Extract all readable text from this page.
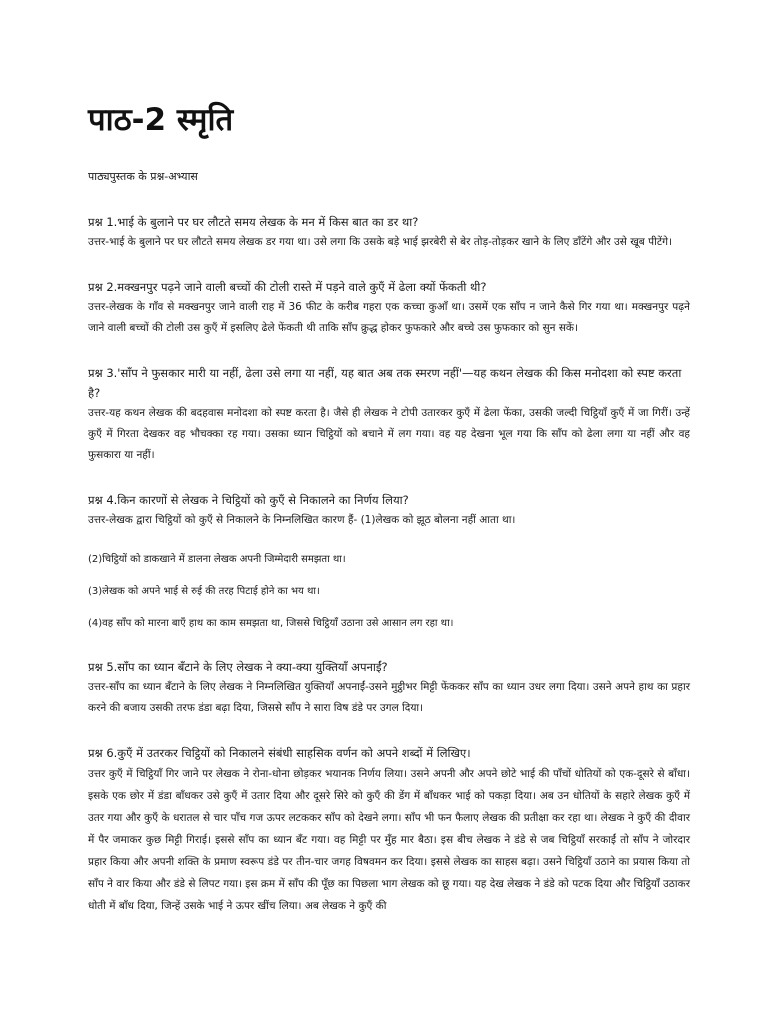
पाठ-2 स्मृति

पाठ्यपुस्तक के प्रश्न-अभ्यास

प्रश्न 1.भाई के बुलाने पर घर लौटते समय लेखक के मन में किस बात का डर था?

उत्तर-भाई के बुलाने पर घर लौटते समय लेखक डर गया था। उसे लगा कि उसके बड़े भाई झरबेरी से बेर तोड़-तोड़कर खाने के लिए डाँटेंगे और उसे खूब पीटेंगे।

प्रश्न 2.मक्खनपुर पढ़ने जाने वाली बच्चों की टोली रास्ते में पड़ने वाले कुएँ में ढेला क्यों फेंकती थी?

उत्तर-लेखक के गाँव से मक्खनपुर जाने वाली राह में 36 फीट के करीब गहरा एक कच्चा कुआँ था। उसमें एक साँप न जाने कैसे गिर गया था। मक्खनपुर पढ़ने जाने वाली बच्चों की टोली उस कुएँ में इसलिए ढेले फेंकती थी ताकि साँप क्रुद्ध होकर फुफकारे और बच्चे उस फुफकार को सुन सकें।

प्रश्न 3.'साँप ने फुसकार मारी या नहीं, ढेला उसे लगा या नहीं, यह बात अब तक स्मरण नहीं'—यह कथन लेखक की किस मनोदशा को स्पष्ट करता है?

उत्तर-यह कथन लेखक की बदहवास मनोदशा को स्पष्ट करता है। जैसे ही लेखक ने टोपी उतारकर कुएँ में ढेला फेंका, उसकी जल्दी चिट्ठियाँ कुएँ में जा गिरीं। उन्हें कुएँ में गिरता देखकर वह भौचक्का रह गया। उसका ध्यान चिट्ठियों को बचाने में लग गया। वह यह देखना भूल गया कि साँप को ढेला लगा या नहीं और वह फुसकारा या नहीं।

प्रश्न 4.किन कारणों से लेखक ने चिट्ठियों को कुएँ से निकालने का निर्णय लिया?

उत्तर-लेखक द्वारा चिट्ठियों को कुएँ से निकालने के निम्नलिखित कारण हैं- (1)लेखक को झूठ बोलना नहीं आता था।

(2)चिट्ठियों को डाकखाने में डालना लेखक अपनी जिम्मेदारी समझता था।

(3)लेखक को अपने भाई से रुई की तरह पिटाई होने का भय था।

(4)वह साँप को मारना बाएँ हाथ का काम समझता था, जिससे चिट्ठियाँ उठाना उसे आसान लग रहा था।

प्रश्न 5.साँप का ध्यान बँटाने के लिए लेखक ने क्या-क्या युक्तियाँ अपनाईं?

उत्तर-साँप का ध्यान बँटाने के लिए लेखक ने निम्नलिखित युक्तियाँ अपनाईं-उसने मुट्ठीभर मिट्टी फेंककर साँप का ध्यान उधर लगा दिया। उसने अपने हाथ का प्रहार करने की बजाय उसकी तरफ डंडा बढ़ा दिया, जिससे साँप ने सारा विष डंडे पर उगल दिया।

प्रश्न 6.कुएँ में उतरकर चिट्ठियों को निकालने संबंधी साहसिक वर्णन को अपने शब्दों में लिखिए।

उत्तर कुएँ में चिट्ठियाँ गिर जाने पर लेखक ने रोना-धोना छोड़कर भयानक निर्णय लिया। उसने अपनी और अपने छोटे भाई की पाँचों धोतियों को एक-दूसरे से बाँधा। इसके एक छोर में डंडा बाँधकर उसे कुएँ में उतार दिया और दूसरे सिरे को कुएँ की डेंग में बाँधकर भाई को पकड़ा दिया। अब उन धोतियों के सहारे लेखक कुएँ में उतर गया और कुएँ के धरातल से चार पाँच गज ऊपर लटककर साँप को देखने लगा। साँप भी फन फैलाए लेखक की प्रतीक्षा कर रहा था। लेखक ने कुएँ की दीवार में पैर जमाकर कुछ मिट्टी गिराई। इससे साँप का ध्यान बँट गया। वह मिट्टी पर मुँह मार बैठा। इस बीच लेखक ने डंडे से जब चिट्ठियाँ सरकाईं तो साँप ने जोरदार प्रहार किया और अपनी शक्ति के प्रमाण स्वरूप डंडे पर तीन-चार जगह विषवमन कर दिया। इससे लेखक का साहस बढ़ा। उसने चिट्ठियाँ उठाने का प्रयास किया तो साँप ने वार किया और डंडे से लिपट गया। इस क्रम में साँप की पूँछ का पिछला भाग लेखक को छू गया। यह देख लेखक ने डंडे को पटक दिया और चिट्ठियाँ उठाकर धोती में बाँध दिया, जिन्हें उसके भाई ने ऊपर खींच लिया। अब लेखक ने कुएँ की
